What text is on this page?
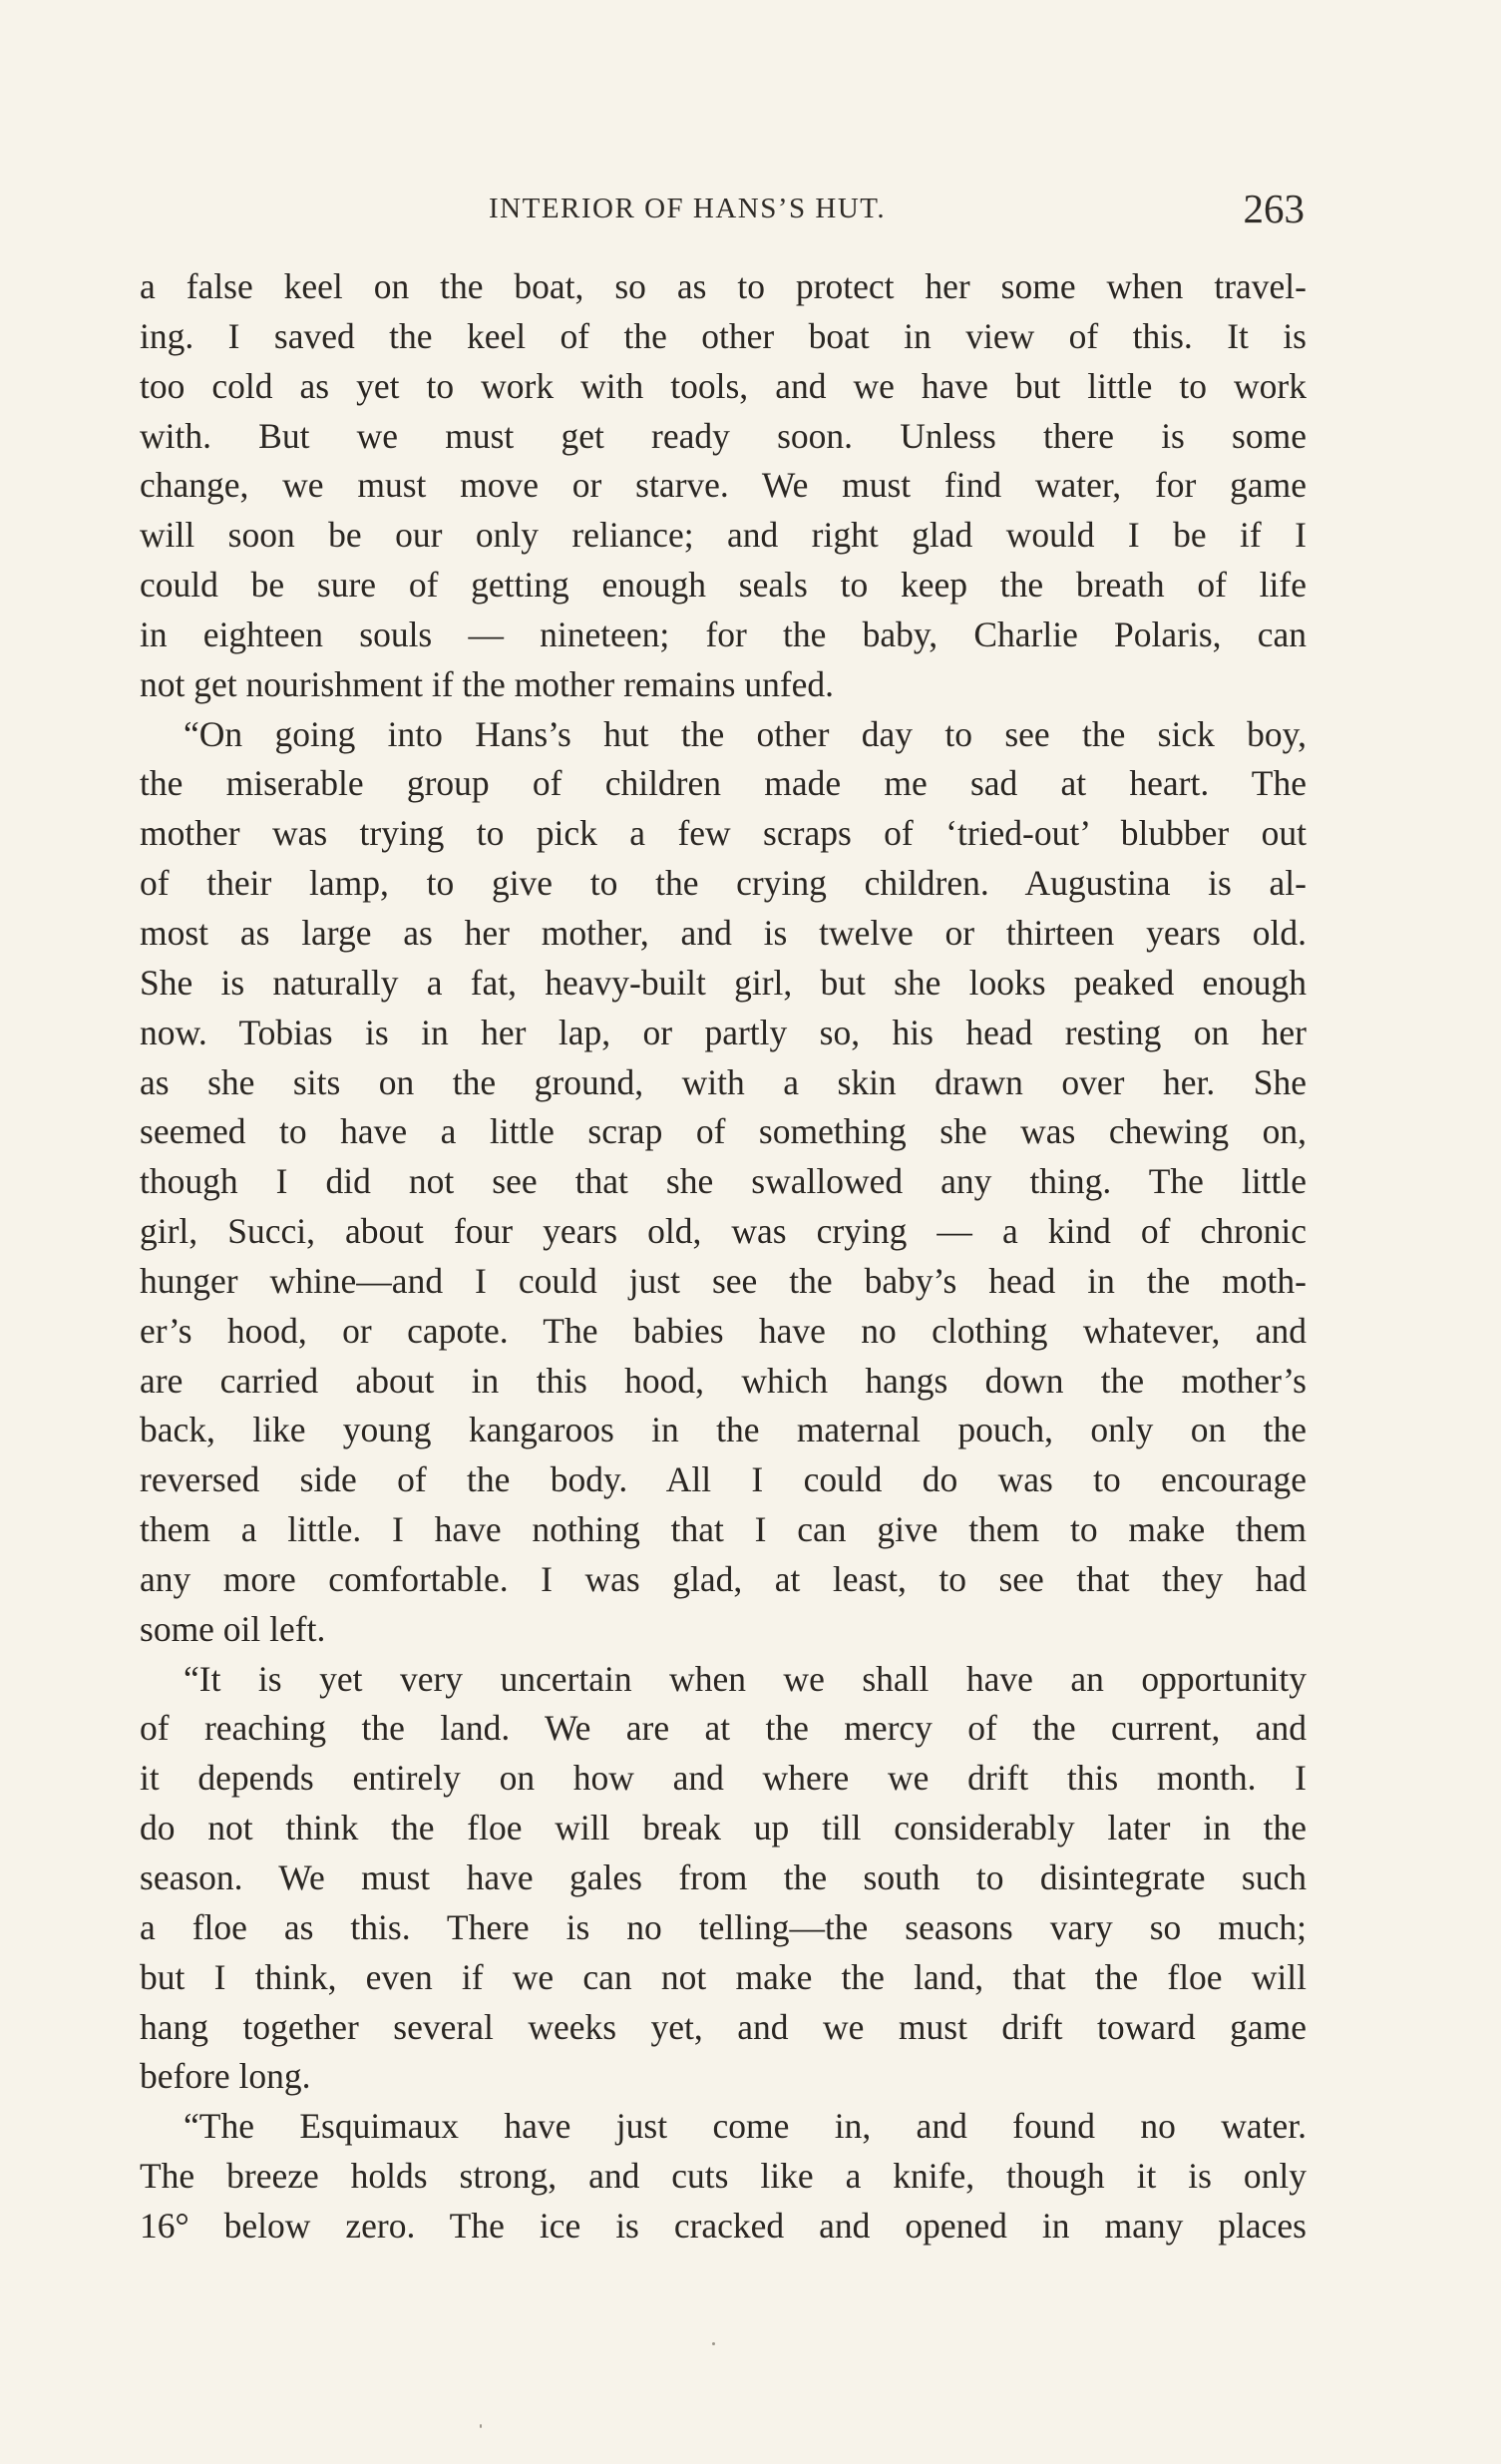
INTERIOR OF HANS’S HUT.	263
a false keel on the boat, so as to protect her some when travel-
ing. I saved the keel of the other boat in view of this. It is
too cold as yet to work with tools, and we have but little to work
with. But we must get ready soon. Unless there is some
change, we must move or starve. We must find water, for game
will soon be our only reliance; and right glad would I be if I
could be sure of getting enough seals to keep the breath of life
in eighteen souls — nineteen; for the baby, Charlie Polaris, can
not get nourishment if the mother remains unfed.
“On going into Hans’s hut the other day to see the sick boy,
the miserable group of children made me sad at heart. The
mother was trying to pick a few scraps of ‘tried-out’ blubber out
of their lamp, to give to the crying children. Augustina is al-
most as large as her mother, and is twelve or thirteen years old.
She is naturally a fat, heavy-built girl, but she looks peaked enough
now. Tobias is in her lap, or partly so, his head resting on her
as she sits on the ground, with a skin drawn over her. She
seemed to have a little scrap of something she was chewing on,
though I did not see that she swallowed any thing. The little
girl, Succi, about four years old, was crying — a kind of chronic
hunger whine—and I could just see the baby’s head in the moth-
er’s hood, or capote. The babies have no clothing whatever, and
are carried about in this hood, which hangs down the mother’s
back, like young kangaroos in the maternal pouch, only on the
reversed side of the body. All I could do was to encourage
them a little. I have nothing that I can give them to make them
any more comfortable. I was glad, at least, to see that they had
some oil left.
“It is yet very uncertain when we shall have an opportunity
of reaching the land. We are at the mercy of the current, and
it depends entirely on how and where we drift this month. I
do not think the floe will break up till considerably later in the
season. We must have gales from the south to disintegrate such
a floe as this. There is no telling—the seasons vary so much;
but I think, even if we can not make the land, that the floe will
hang together several weeks yet, and we must drift toward game
before long.
“The Esquimaux have just come in, and found no water.
The breeze holds strong, and cuts like a knife, though it is only
16° below zero. The ice is cracked and opened in many places
